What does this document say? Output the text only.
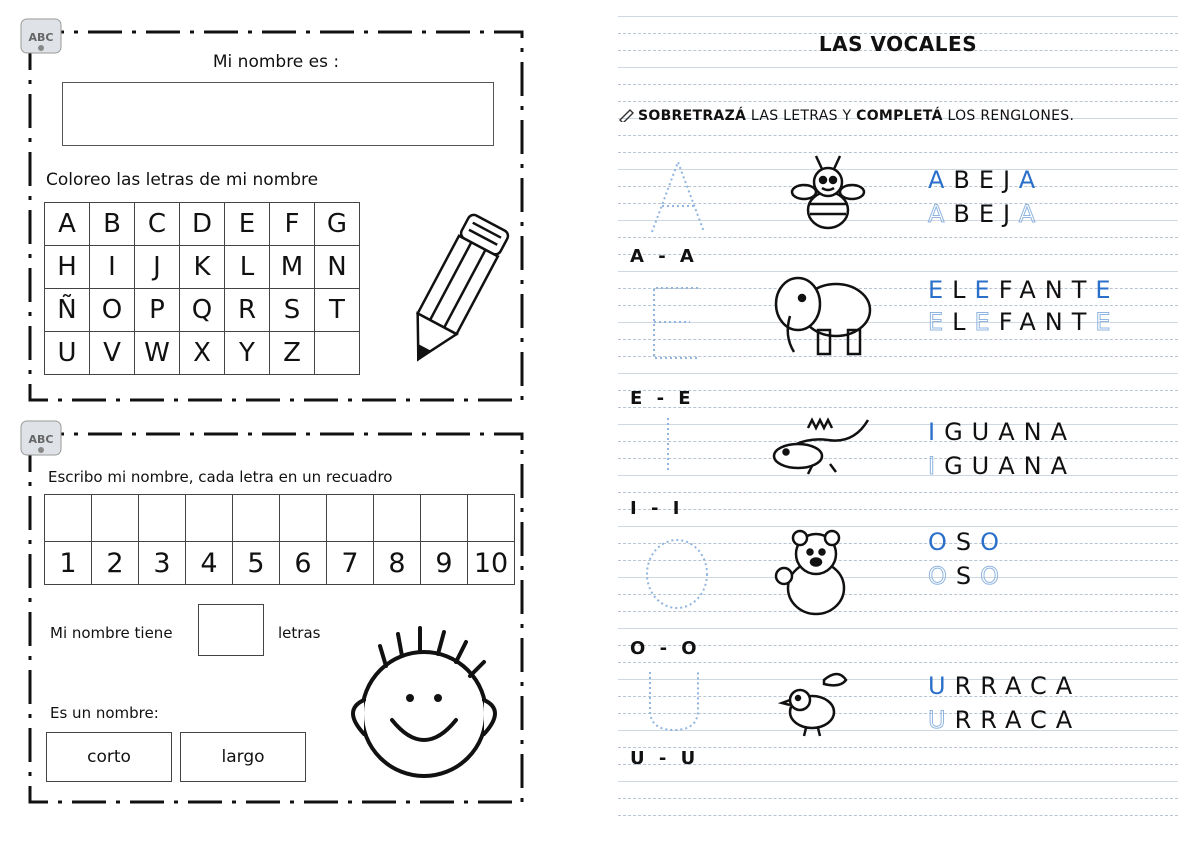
ABC
Mi nombre es :
Coloreo las letras de mi nombre
A	B	C	D	E	F	G
H	I	J	K	L	M	N
Ñ	O	P	Q	R	S	T
U	V	W	X	Y	Z	
ABC
Escribo mi nombre, cada letra en un recuadro

1	2	3	4	5	6	7	8	9	10
Mi nombre tiene	letras
Es un nombre:
corto	largo
LAS VOCALES
SOBRETRAZÁ LAS LETRAS Y COMPLETÁ LOS RENGLONES.
ABEJA
ABEJA
A - A
ELEFANTE
ELEFANTE
E - E
IGUANA
IGUANA
I - I
OSO
OSO
O - O
URRACA
URRACA
U - U
